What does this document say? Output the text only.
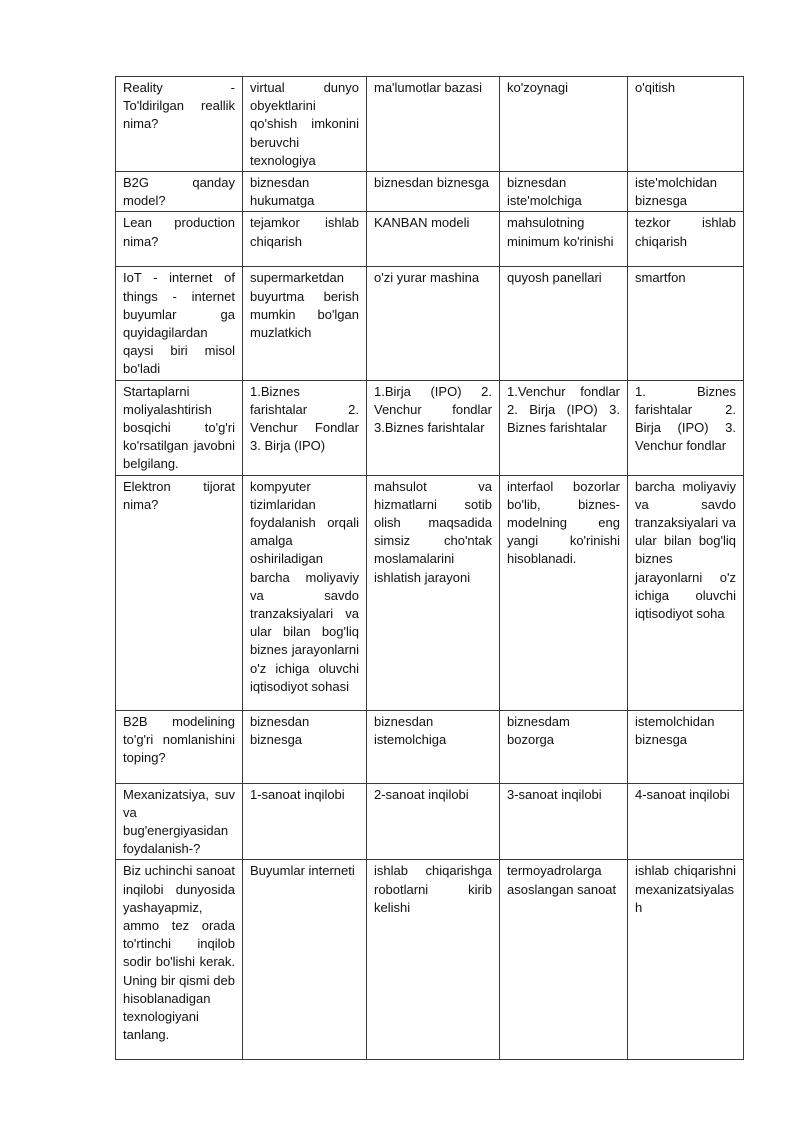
Reality - To'ldirilgan reallik nima?	virtual dunyo obyektlarini qo'shish imkonini beruvchi texnologiya	ma'lumotlar bazasi	ko'zoynagi	o'qitish
B2G qanday model?	biznesdan hukumatga	biznesdan biznesga	biznesdan iste'molchiga	iste'molchidan biznesga
Lean production nima?	tejamkor ishlab chiqarish	KANBAN modeli	mahsulotning minimum ko'rinishi	tezkor ishlab chiqarish
IoT - internet of things - internet buyumlar ga quyidagilardan qaysi biri misol bo'ladi	supermarketdan buyurtma berish mumkin bo'lgan muzlatkich	o'zi yurar mashina	quyosh panellari	smartfon
Startaplarni moliyalashtirish bosqichi to'g'ri ko'rsatilgan javobni belgilang.	1.Biznes farishtalar 2. Venchur Fondlar 3. Birja (IPO)	1.Birja (IPO) 2. Venchur fondlar 3.Biznes farishtalar	1.Venchur fondlar 2. Birja (IPO) 3. Biznes farishtalar	1. Biznes farishtalar 2. Birja (IPO) 3. Venchur fondlar
Elektron tijorat nima?	kompyuter tizimlaridan foydalanish orqali amalga oshiriladigan barcha moliyaviy va savdo tranzaksiyalari va ular bilan bog'liq biznes jarayonlarni o'z ichiga oluvchi iqtisodiyot sohasi	mahsulot va hizmatlarni sotib olish maqsadida simsiz cho'ntak moslamalarini ishlatish jarayoni	interfaol bozorlar bo'lib, biznes-modelning eng yangi ko'rinishi hisoblanadi.	barcha moliyaviy va savdo tranzaksiyalari va ular bilan bog'liq biznes jarayonlarni o'z ichiga oluvchi iqtisodiyot soha
B2B modelining to'g'ri nomlanishini toping?	biznesdan biznesga	biznesdan istemolchiga	biznesdam bozorga	istemolchidan biznesga
Mexanizatsiya, suv va bug'energiyasidan foydalanish-?	1-sanoat inqilobi	2-sanoat inqilobi	3-sanoat inqilobi	4-sanoat inqilobi
Biz uchinchi sanoat inqilobi dunyosida yashayapmiz, ammo tez orada to'rtinchi inqilob sodir bo'lishi kerak. Uning bir qismi deb hisoblanadigan texnologiyani tanlang.	Buyumlar interneti	ishlab chiqarishga robotlarni kirib kelishi	termoyadrolarga asoslangan sanoat	ishlab chiqarishni mexanizatsiyalash
